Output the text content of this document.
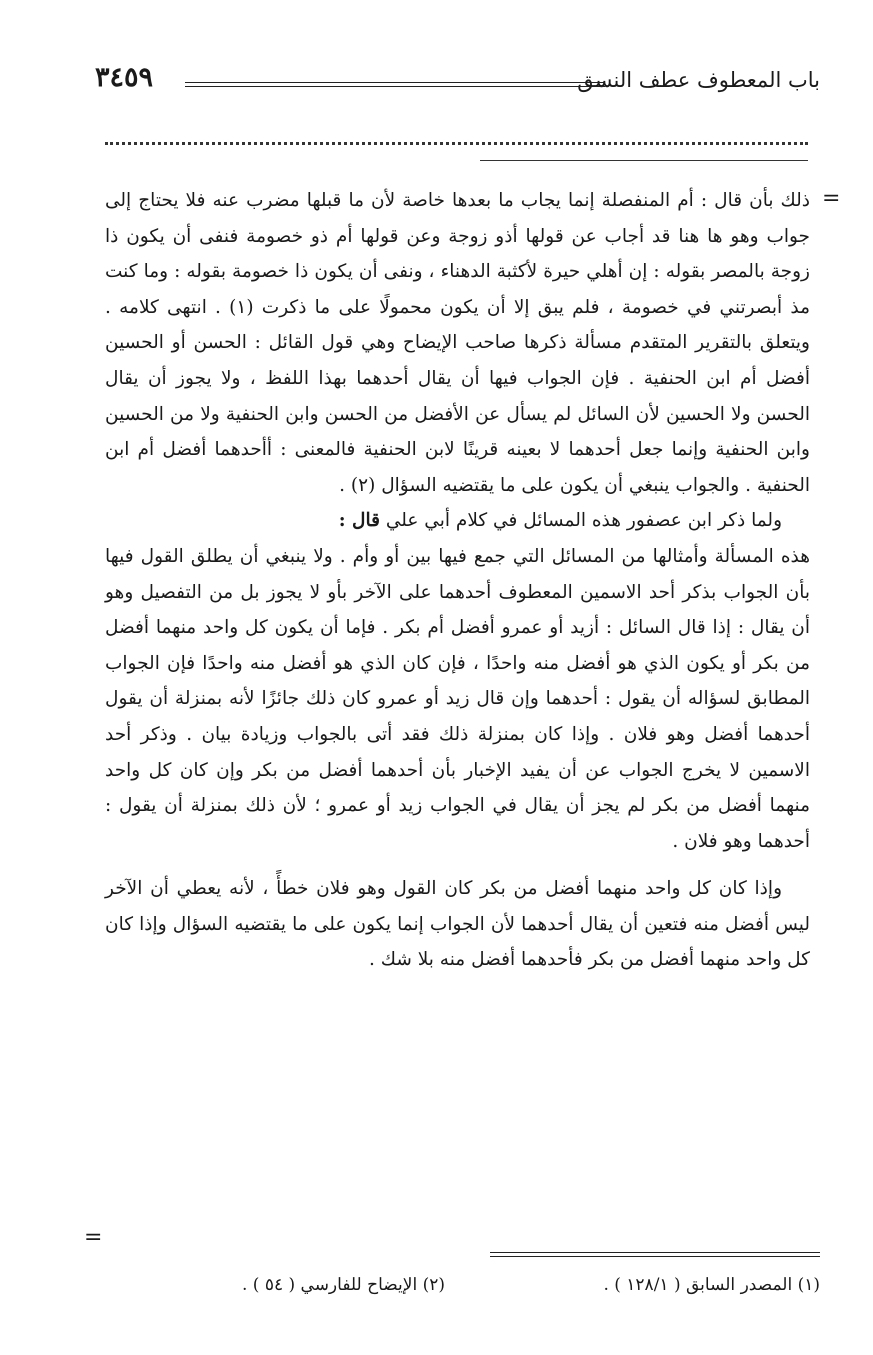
باب المعطوف عطف النسق
٣٤٥٩
=

ذلك بأن قال : أم المنفصلة إنما يجاب ما بعدها خاصة لأن ما قبلها مضرب عنه فلا يحتاج إلى جواب وهو ها هنا قد أجاب عن قولها أذو زوجة وعن قولها أم ذو خصومة فنفى أن يكون ذا زوجة بالمصر بقوله : إن أهلي حيرة لأكثبة الدهناء ، ونفى أن يكون ذا خصومة بقوله : وما كنت مذ أبصرتني في خصومة ، فلم يبق إلا أن يكون محمولًا على ما ذكرت (١) . انتهى كلامه . ويتعلق بالتقرير المتقدم مسألة ذكرها صاحب الإيضاح وهي قول القائل : الحسن أو الحسين أفضل أم ابن الحنفية . فإن الجواب فيها أن يقال أحدهما بهذا اللفظ ، ولا يجوز أن يقال الحسن ولا الحسين لأن السائل لم يسأل عن الأفضل من الحسن وابن الحنفية ولا من الحسين وابن الحنفية وإنما جعل أحدهما لا بعينه قرينًا لابن الحنفية فالمعنى : أأحدهما أفضل أم ابن الحنفية . والجواب ينبغي أن يكون على ما يقتضيه السؤال (٢) .

ولما ذكر ابن عصفور هذه المسائل في كلام أبي علي قال :

هذه المسألة وأمثالها من المسائل التي جمع فيها بين أو وأم . ولا ينبغي أن يطلق القول فيها بأن الجواب بذكر أحد الاسمين المعطوف أحدهما على الآخر بأو لا يجوز بل من التفصيل وهو أن يقال : إذا قال السائل : أزيد أو عمرو أفضل أم بكر . فإما أن يكون كل واحد منهما أفضل من بكر أو يكون الذي هو أفضل منه واحدًا ، فإن كان الذي هو أفضل منه واحدًا فإن الجواب المطابق لسؤاله أن يقول : أحدهما وإن قال زيد أو عمرو كان ذلك جائزًا لأنه بمنزلة أن يقول أحدهما أفضل وهو فلان . وإذا كان بمنزلة ذلك فقد أتى بالجواب وزيادة بيان . وذكر أحد الاسمين لا يخرج الجواب عن أن يفيد الإخبار بأن أحدهما أفضل من بكر وإن كان كل واحد منهما أفضل من بكر لم يجز أن يقال في الجواب زيد أو عمرو ؛ لأن ذلك بمنزلة أن يقول : أحدهما وهو فلان .

وإذا كان كل واحد منهما أفضل من بكر كان القول وهو فلان خطأً ، لأنه يعطي أن الآخر ليس أفضل منه فتعين أن يقال أحدهما لأن الجواب إنما يكون على ما يقتضيه السؤال وإذا كان كل واحد منهما أفضل من بكر فأحدهما أفضل منه بلا شك .

=
(١) المصدر السابق ( ١٢٨/١ ) .
(٢) الإيضاح للفارسي ( ٥٤ ) .
